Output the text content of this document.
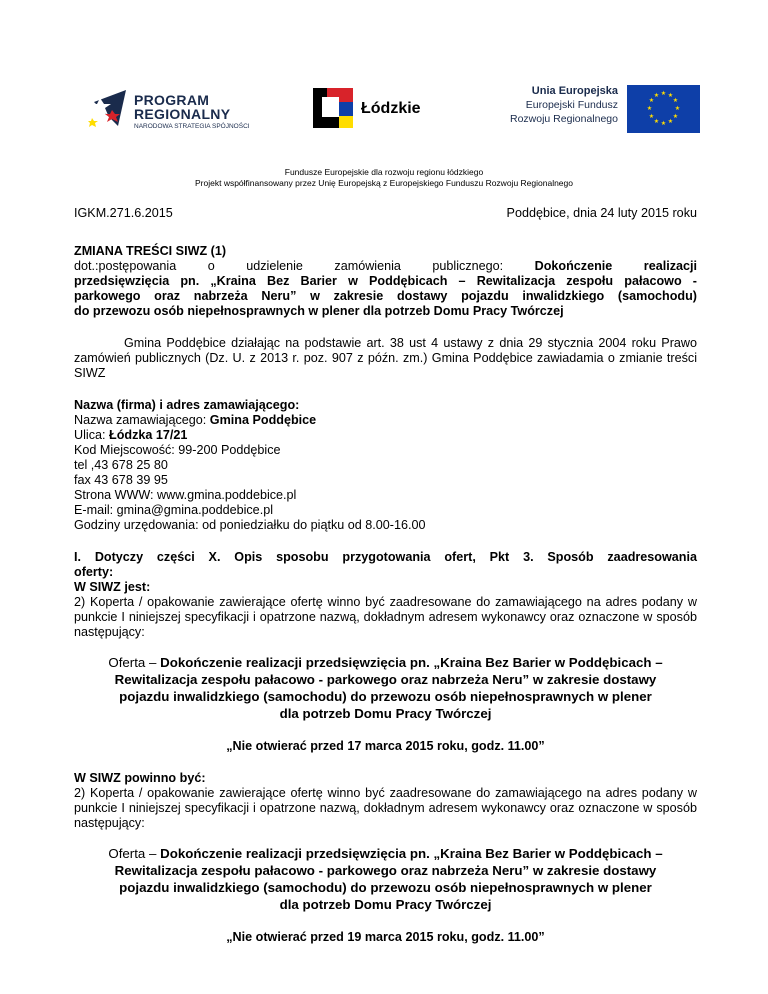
PROGRAM
REGIONALNY
NARODOWA STRATEGIA SPÓJNOŚCI
Łódzkie
Unia Europejska
Europejski Fundusz
Rozwoju Regionalnego
★ ★
★
★
★
★
★
★
★
★
★
★
Fundusze Europejskie dla rozwoju regionu łódzkiego
Projekt współfinansowany przez Unię Europejską z Europejskiego Funduszu Rozwoju Regionalnego
IGKM.271.6.2015	Poddębice, dnia 24 luty 2015 roku

ZMIANA TREŚCI SIWZ (1)

dot.:postępowania o udzielenie zamówienia publicznego: Dokończenie realizacji

przedsięwzięcia pn. „Kraina Bez Barier w Poddębicach – Rewitalizacja zespołu pałacowo -

parkowego oraz nabrzeża Neru” w zakresie dostawy pojazdu inwalidzkiego (samochodu)

do przewozu osób niepełnosprawnych w plener dla potrzeb Domu Pracy Twórczej

Gmina Poddębice działając na podstawie art. 38 ust 4 ustawy z dnia 29 stycznia 2004 roku Prawo zamówień publicznych (Dz. U. z 2013 r. poz. 907 z późn. zm.) Gmina Poddębice zawiadamia o zmianie treści SIWZ

Nazwa (firma) i adres zamawiającego:

Nazwa zamawiającego: Gmina Poddębice

Ulica: Łódzka 17/21

Kod Miejscowość: 99-200 Poddębice

tel ,43 678 25 80

fax 43 678 39 95

Strona WWW: www.gmina.poddebice.pl

E-mail: gmina@gmina.poddebice.pl

Godziny urzędowania: od poniedziałku do piątku od 8.00-16.00

I. Dotyczy części X. Opis sposobu przygotowania ofert, Pkt 3. Sposób zaadresowania

oferty:

W SIWZ jest:

2) Koperta / opakowanie zawierające ofertę winno być zaadresowane do zamawiającego na adres podany w punkcie I niniejszej specyfikacji i opatrzone nazwą, dokładnym adresem wykonawcy oraz oznaczone w sposób następujący:

Oferta – Dokończenie realizacji przedsięwzięcia pn. „Kraina Bez Barier w Poddębicach –

Rewitalizacja zespołu pałacowo - parkowego oraz nabrzeża Neru” w zakresie dostawy

pojazdu inwalidzkiego (samochodu) do przewozu osób niepełnosprawnych w plener

dla potrzeb Domu Pracy Twórczej

„Nie otwierać przed 17 marca 2015 roku, godz. 11.00”

W SIWZ powinno być:

2) Koperta / opakowanie zawierające ofertę winno być zaadresowane do zamawiającego na adres podany w punkcie I niniejszej specyfikacji i opatrzone nazwą, dokładnym adresem wykonawcy oraz oznaczone w sposób następujący:

Oferta – Dokończenie realizacji przedsięwzięcia pn. „Kraina Bez Barier w Poddębicach –

Rewitalizacja zespołu pałacowo - parkowego oraz nabrzeża Neru” w zakresie dostawy

pojazdu inwalidzkiego (samochodu) do przewozu osób niepełnosprawnych w plener

dla potrzeb Domu Pracy Twórczej

„Nie otwierać przed 19 marca 2015 roku, godz. 11.00”
